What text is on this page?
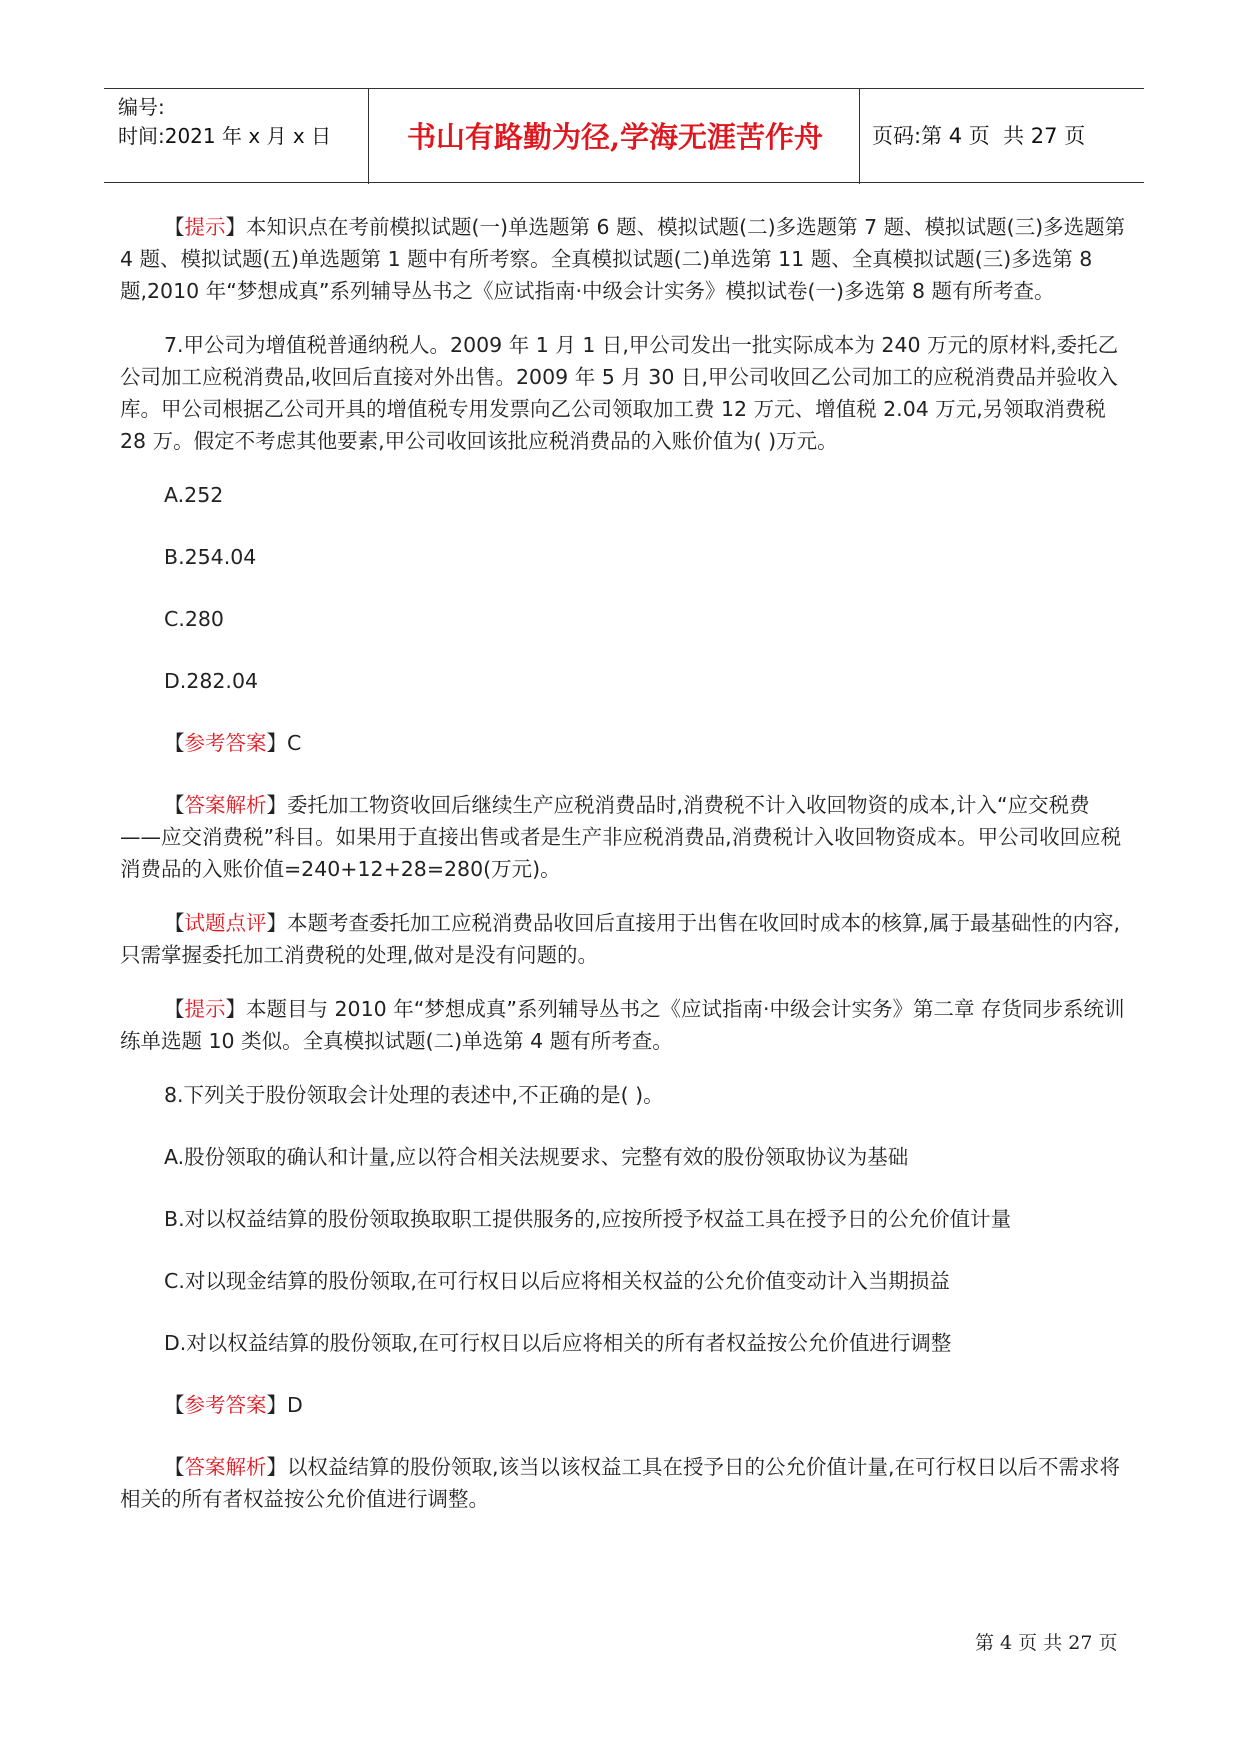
编号:
时间:2021 年 x 月 x 日	书山有路勤为径,学海无涯苦作舟	页码:第 4 页  共 27 页

【提示】本知识点在考前模拟试题(一)单选题第 6 题、模拟试题(二)多选题第 7 题、模拟试题(三)多选题第 4 题、模拟试题(五)单选题第 1 题中有所考察。全真模拟试题(二)单选第 11 题、全真模拟试题(三)多选第 8 题,2010 年“梦想成真”系列辅导丛书之《应试指南·中级会计实务》模拟试卷(一)多选第 8 题有所考查。

7.甲公司为增值税普通纳税人。2009 年 1 月 1 日,甲公司发出一批实际成本为 240 万元的原材料,委托乙公司加工应税消费品,收回后直接对外出售。2009 年 5 月 30 日,甲公司收回乙公司加工的应税消费品并验收入库。甲公司根据乙公司开具的增值税专用发票向乙公司领取加工费 12 万元、增值税 2.04 万元,另领取消费税 28 万。假定不考虑其他要素,甲公司收回该批应税消费品的入账价值为( )万元。

A.252

B.254.04

C.280

D.282.04

【参考答案】C

【答案解析】委托加工物资收回后继续生产应税消费品时,消费税不计入收回物资的成本,计入“应交税费——应交消费税”科目。如果用于直接出售或者是生产非应税消费品,消费税计入收回物资成本。甲公司收回应税消费品的入账价值=240+12+28=280(万元)。

【试题点评】本题考查委托加工应税消费品收回后直接用于出售在收回时成本的核算,属于最基础性的内容,只需掌握委托加工消费税的处理,做对是没有问题的。

【提示】本题目与 2010 年“梦想成真”系列辅导丛书之《应试指南·中级会计实务》第二章 存货同步系统训练单选题 10 类似。全真模拟试题(二)单选第 4 题有所考查。

8.下列关于股份领取会计处理的表述中,不正确的是( )。

A.股份领取的确认和计量,应以符合相关法规要求、完整有效的股份领取协议为基础

B.对以权益结算的股份领取换取职工提供服务的,应按所授予权益工具在授予日的公允价值计量

C.对以现金结算的股份领取,在可行权日以后应将相关权益的公允价值变动计入当期损益

D.对以权益结算的股份领取,在可行权日以后应将相关的所有者权益按公允价值进行调整

【参考答案】D

【答案解析】以权益结算的股份领取,该当以该权益工具在授予日的公允价值计量,在可行权日以后不需求将相关的所有者权益按公允价值进行调整。

第 4 页 共 27 页
